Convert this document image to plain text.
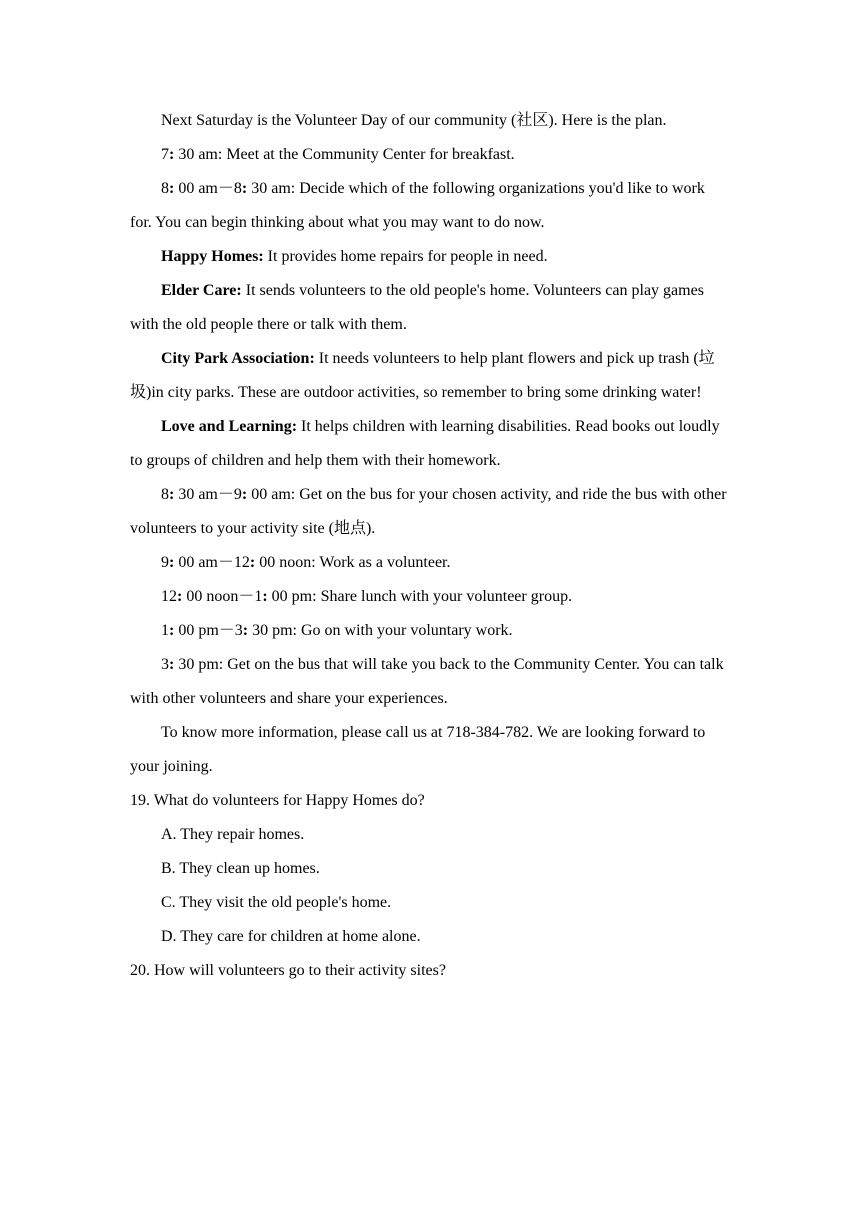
Next Saturday is the Volunteer Day of our community (社区). Here is the plan.

7: 30 am: Meet at the Community Center for breakfast.

8: 00 am－8: 30 am: Decide which of the following organizations you'd like to work for. You can begin thinking about what you may want to do now.

Happy Homes: It provides home repairs for people in need.

Elder Care: It sends volunteers to the old people's home. Volunteers can play games with the old people there or talk with them.

City Park Association: It needs volunteers to help plant flowers and pick up trash (垃圾)in city parks. These are outdoor activities, so remember to bring some drinking water!

Love and Learning: It helps children with learning disabilities. Read books out loudly to groups of children and help them with their homework.

8: 30 am－9: 00 am: Get on the bus for your chosen activity, and ride the bus with other volunteers to your activity site (地点).

9: 00 am－12: 00 noon: Work as a volunteer.

12: 00 noon－1: 00 pm: Share lunch with your volunteer group.

1: 00 pm－3: 30 pm: Go on with your voluntary work.

3: 30 pm: Get on the bus that will take you back to the Community Center. You can talk with other volunteers and share your experiences.

To know more information, please call us at 718-384-782. We are looking forward to your joining.

19. What do volunteers for Happy Homes do?

A. They repair homes.

B. They clean up homes.

C. They visit the old people's home.

D. They care for children at home alone.

20. How will volunteers go to their activity sites?
